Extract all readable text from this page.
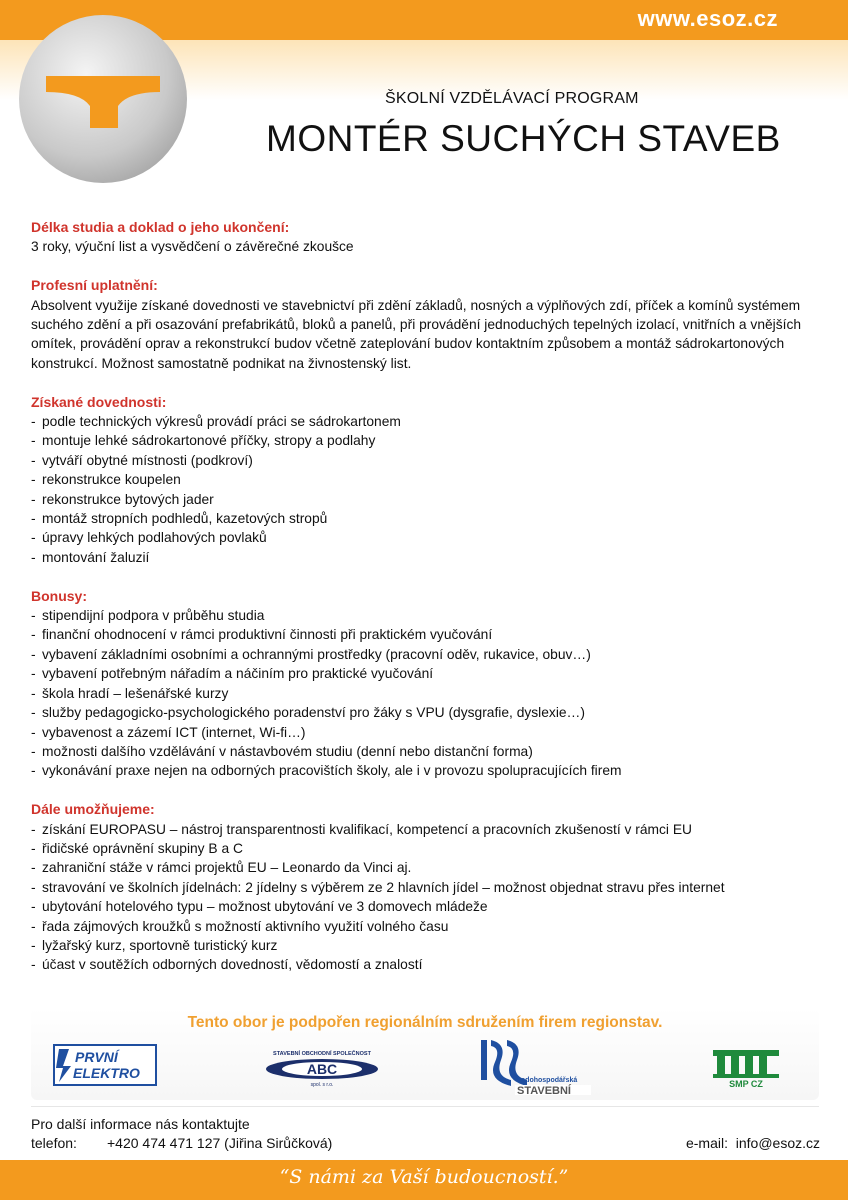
www.esoz.cz
ŠKOLNÍ VZDĚLÁVACÍ PROGRAM
MONTÉR SUCHÝCH STAVEB
Délka studia a doklad o jeho ukončení:

3 roky, výuční list a vysvědčení o závěrečné zkoušce

Profesní uplatnění:

Absolvent využije získané dovednosti ve stavebnictví při zdění základů, nosných a výplňových zdí, příček a komínů systémem suchého zdění a při osazování prefabrikátů, bloků a panelů, při provádění jednoduchých tepelných izolací, vnitřních a vnějších omítek, provádění oprav a rekonstrukcí budov včetně zateplování budov kontaktním způsobem a montáž sádrokartonových konstrukcí. Možnost samostatně podnikat na živnostenský list.

Získané dovednosti:
- podle technických výkresů provádí práci se sádrokartonem
- montuje lehké sádrokartonové příčky, stropy a podlahy
- vytváří obytné místnosti (podkroví)
- rekonstrukce koupelen
- rekonstrukce bytových jader
- montáž stropních podhledů, kazetových stropů
- úpravy lehkých podlahových povlaků
- montování žaluzií
Bonusy:
- stipendijní podpora v průběhu studia
- finanční ohodnocení v rámci produktivní činnosti při praktickém vyučování
- vybavení základními osobními a ochrannými prostředky (pracovní oděv, rukavice, obuv…)
- vybavení potřebným nářadím a náčiním pro praktické vyučování
- škola hradí – lešenářské kurzy
- služby pedagogicko-psychologického poradenství pro žáky s VPU (dysgrafie, dyslexie…)
- vybavenost a zázemí ICT (internet, Wi-fi…)
- možnosti dalšího vzdělávání v nástavbovém studiu (denní nebo distanční forma)
- vykonávání praxe nejen na odborných pracovištích školy, ale i v provozu spolupracujících firem
Dále umožňujeme:
- získání EUROPASU – nástroj transparentnosti kvalifikací, kompetencí a pracovních zkušeností v rámci EU
- řidičské oprávnění skupiny B a C
- zahraniční stáže v rámci projektů EU – Leonardo da Vinci aj.
- stravování ve školních jídelnách: 2 jídelny s výběrem ze 2 hlavních jídel – možnost objednat stravu přes internet
- ubytování hotelového typu – možnost ubytování ve 3 domovech mládeže
- řada zájmových kroužků s možností aktivního využití volného času
- lyžařský kurz, sportovně turistický kurz
- účast v soutěžích odborných dovedností, vědomostí a znalostí
Tento obor je podpořen regionálním sdružením firem regionstav.
PRVNÍ
ELEKTRO
STAVEBNÍ OBCHODNÍ SPOLEČNOST
ABC
spol. s r.o.
vodohospodářská
STAVEBNÍ
SMP CZ
Pro další informace nás kontaktujte
telefon: +420 474 471 127 (Jiřina Sirůčková)	e-mail: info@esoz.cz
“S námi za Vaší budoucností.”
